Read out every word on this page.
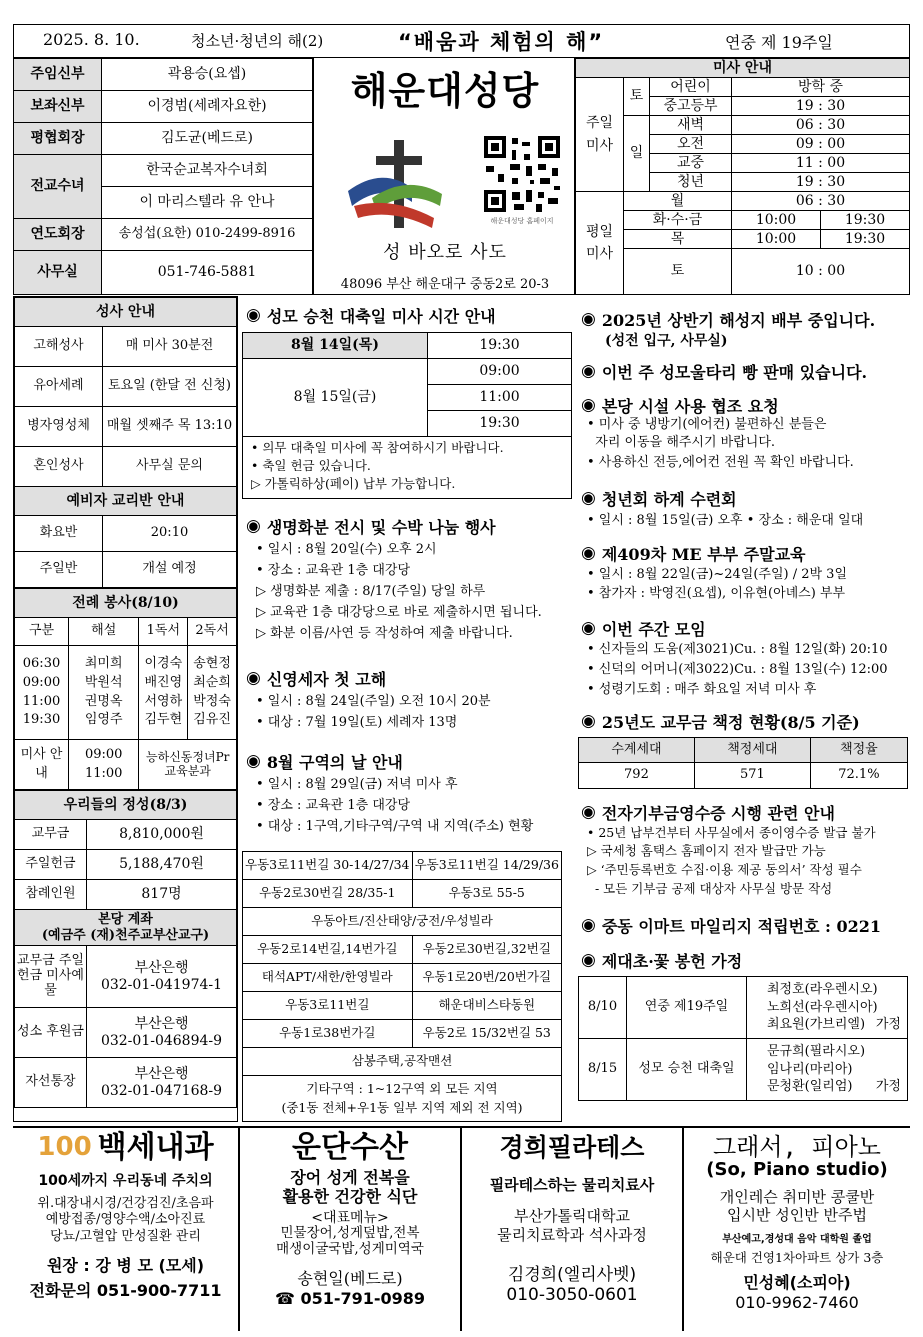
2025. 8. 10.	청소년·청년의 해(2)	“배움과 체험의 해”	연중 제 19주일
주임신부	곽용승(요셉)
보좌신부	이경범(세례자요한)
평협회장	김도균(베드로)
전교수녀	한국순교복자수녀회
	이 마리스텔라 유 안나
연도회장	송성섭(요한) 010-2499-8916
사무실	051-746-5881
해운대성당
해운대성당 홈페이지
성 바오로 사도
48096 부산 해운대구 중동2로 20-3
미사 안내				
주일 미사	토	어린이	방학 중	
		중고등부	19 : 30	
	일	새벽	06 : 30	
		오전	09 : 00	
		교중	11 : 00	
		청년	19 : 30	
평일 미사	월		06 : 30	
	화·수·금		10:00	19:30
	목		10:00	19:30
	토		10 : 00	
성사 안내	
고해성사	매 미사 30분전
유아세례	토요일 (한달 전 신청)
병자영성체	매월 셋째주 목 13:10
혼인성사	사무실 문의
예비자 교리반 안내	
화요반	20:10
주일반	개설 예정
전례 봉사(8/10)			
구분	해설	1독서	2독서
06:30 09:00 11:00 19:30	최미희 박원석 권명옥 임영주	이경숙 배진영 서영하 김두현	송현정 최순희 박정숙 김유진
미사 안내	09:00 11:00	능하신동정녀Pr 교육분과	
우리들의 정성(8/3)	
교무금	8,810,000원
주일헌금	5,188,470원
참례인원	817명

본당 계좌
(예금주 (재)천주교부산교구)	

교무금 주일헌금 미사예물	부산은행
032-01-041974-1

성소 후원금	부산은행
032-01-046894-9

자선통장	부산은행
032-01-047168-9
◉ 성모 승천 대축일 미사 시간 안내
8월 14일(목)	19:30
8월 15일(금)	09:00
	11:00
	19:30
• 의무 대축일 미사에 꼭 참여하시기 바랍니다.
• 축일 헌금 있습니다.
▷ 가톨릭하상(페이) 납부 가능합니다.
◉ 생명화분 전시 및 수박 나눔 행사
• 일시 : 8월 20일(수) 오후 2시
• 장소 : 교육관 1층 대강당
▷ 생명화분 제출 : 8/17(주일) 당일 하루
▷ 교육관 1층 대강당으로 바로 제출하시면 됩니다.
▷ 화분 이름/사연 등 작성하여 제출 바랍니다.
◉ 신영세자 첫 고해
• 일시 : 8월 24일(주일) 오전 10시 20분
• 대상 : 7월 19일(토) 세례자 13명
◉ 8월 구역의 날 안내
• 일시 : 8월 29일(금) 저녁 미사 후
• 장소 : 교육관 1층 대강당
• 대상 : 1구역,기타구역/구역 내 지역(주소) 현황
우동3로11번길 30-14/27/34	우동3로11번길 14/29/36
우동2로30번길 28/35-1	우동3로 55-5
우동아트/진산태양/궁전/우성빌라	
우동2로14번길,14번가길	우동2로30번길,32번길
태석APT/새한/한영빌라	우동1로20번/20번가길
우동3로11번길	해운대비스타동원
우동1로38번가길	우동2로 15/32번길 53
삼봉주택,공작맨션	

기타구역 : 1~12구역 외 모든 지역
(중1동 전체+우1동 일부 지역 제외 전 지역)	
◉ 2025년 상반기 해성지 배부 중입니다.
(성전 입구, 사무실)
◉ 이번 주 성모울타리 빵 판매 있습니다.
◉ 본당 시설 사용 협조 요청
• 미사 중 냉방기(에어컨) 불편하신 분들은
자리 이동을 해주시기 바랍니다.
• 사용하신 전등,에어컨 전원 꼭 확인 바랍니다.
◉ 청년회 하계 수련회
• 일시 : 8월 15일(금) 오후 • 장소 : 해운대 일대
◉ 제409차 ME 부부 주말교육
• 일시 : 8월 22일(금)~24일(주일) / 2박 3일
• 참가자 : 박영진(요셉), 이유현(아녜스) 부부
◉ 이번 주간 모임
• 신자들의 도움(제3021)Cu. : 8월 12일(화) 20:10
• 신덕의 어머니(제3022)Cu. : 8월 13일(수) 12:00
• 성령기도회 : 매주 화요일 저녁 미사 후
◉ 25년도 교무금 책정 현황(8/5 기준)
수계세대	책정세대	책정율
792	571	72.1%
◉ 전자기부금영수증 시행 관련 안내
• 25년 납부건부터 사무실에서 종이영수증 발급 불가
▷ 국세청 홈택스 홈페이지 전자 발급만 가능
▷ ‘주민등록번호 수집·이용 제공 동의서’ 작성 필수
- 모든 기부금 공제 대상자 사무실 방문 작성
◉ 중동 이마트 마일리지 적립번호 : 0221
◉ 제대초·꽃 봉헌 가정
8/10	연중 제19주일	최정호(라우렌시오)
노희선(라우렌시아)
최요원(가브리엘) 가정

8/15	성모 승천 대축일	문규희(필라시오)
임나리(마리아)
문청환(일리엄) 가정
100 백세내과
100세까지 우리동네 주치의
위.대장내시경/건강검진/초음파
예방접종/영양수액/소아진료
당뇨/고혈압 만성질환 관리
원장 : 강 병 모 (모세)
전화문의 051-900-7711
운단수산
장어 성게 전복을
활용한 건강한 식단
<대표메뉴>
민물장어,성게덮밥,전복
매생이굴국밥,성게미역국
송현일(베드로)
☎ 051-791-0989
경희필라테스
필라테스하는 물리치료사
부산가톨릭대학교
물리치료학과 석사과정
김경희(엘리사벳)
010-3050-0601
그래서, 피아노
(So, Piano studio)
개인레슨 취미반 콩쿨반
입시반 성인반 반주법
부산예고,경성대 음악 대학원 졸업
해운대 건영1차아파트 상가 3층
민성혜(소피아)
010-9962-7460
